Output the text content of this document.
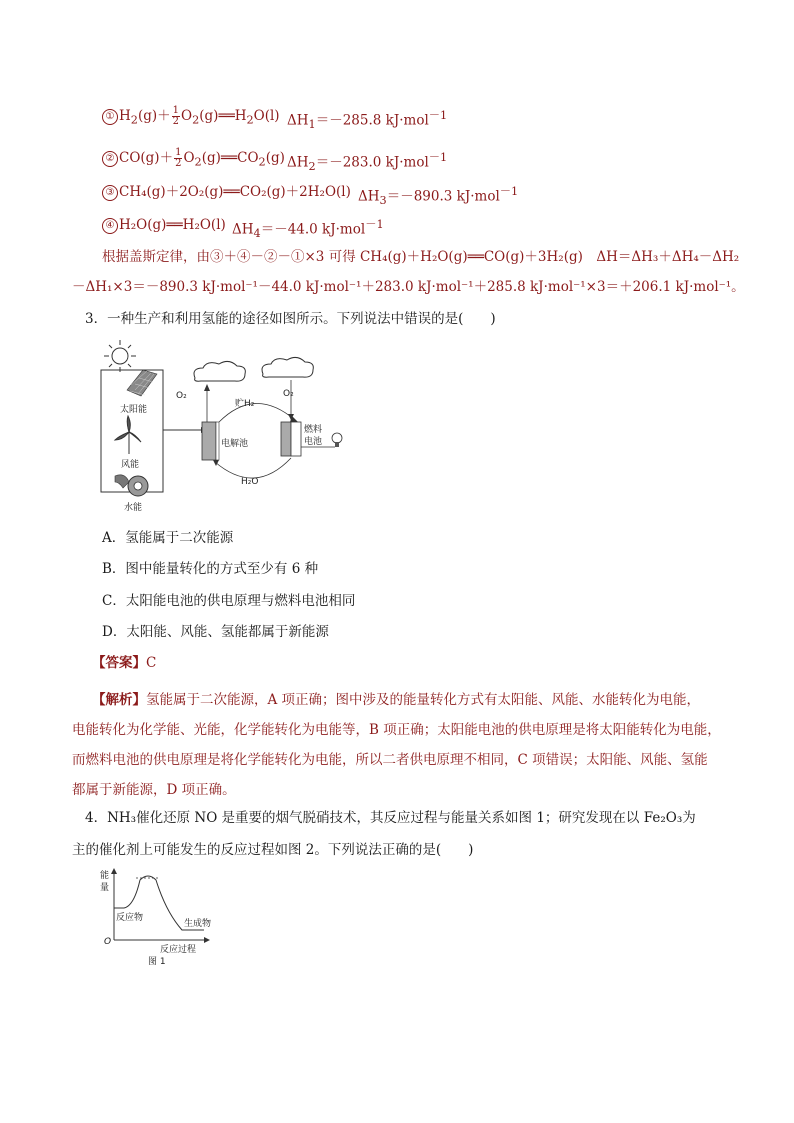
① $H_2(g)+ \frac{1}{2}$ $O_2(g)══H_2O(l)$ $\Delta H_1=-285.8$ kJ·mol$^{-1}$
② $CO(g)+ \frac{1}{2}$ $O_2(g)══CO_2(g)$ $\Delta H_2=-283.0$ kJ·mol$^{-1}$
③ CH₄(g)＋2O₂(g)══CO₂(g)＋2H₂O(l) $\Delta H_3=-890.3$ kJ·mol$^{-1}$
④ H₂O(g)══H₂O(l) $\Delta H_4=-44.0$ kJ·mol$^{-1}$
根据盖斯定律，由③＋④－②－①×3 可得 CH₄(g)＋H₂O(g)══CO(g)＋3H₂(g)　ΔH＝ΔH₃＋ΔH₄－ΔH₂
－ΔH₁×3＝－890.3 kJ·mol⁻¹－44.0 kJ·mol⁻¹＋283.0 kJ·mol⁻¹＋285.8 kJ·mol⁻¹×3＝＋206.1 kJ·mol⁻¹。
3．一种生产和利用氢能的途径如图所示。下列说法中错误的是(　　)
太阳能
风能
水能
电解池
O₂
贮H₂
燃料
电池
O₂
H₂O
A．氢能属于二次能源
B．图中能量转化的方式至少有 6 种
C．太阳能电池的供电原理与燃料电池相同
D．太阳能、风能、氢能都属于新能源
【答案】C
【解析】氢能属于二次能源，A 项正确；图中涉及的能量转化方式有太阳能、风能、水能转化为电能，
电能转化为化学能、光能，化学能转化为电能等，B 项正确；太阳能电池的供电原理是将太阳能转化为电能，
而燃料电池的供电原理是将化学能转化为电能，所以二者供电原理不相同，C 项错误；太阳能、风能、氢能
都属于新能源，D 项正确。
4．NH₃催化还原 NO 是重要的烟气脱硝技术，其反应过程与能量关系如图 1；研究发现在以 Fe₂O₃为
主的催化剂上可能发生的反应过程如图 2。下列说法正确的是(　　)
能
量
反应物
生成物
O
反应过程
图 1
